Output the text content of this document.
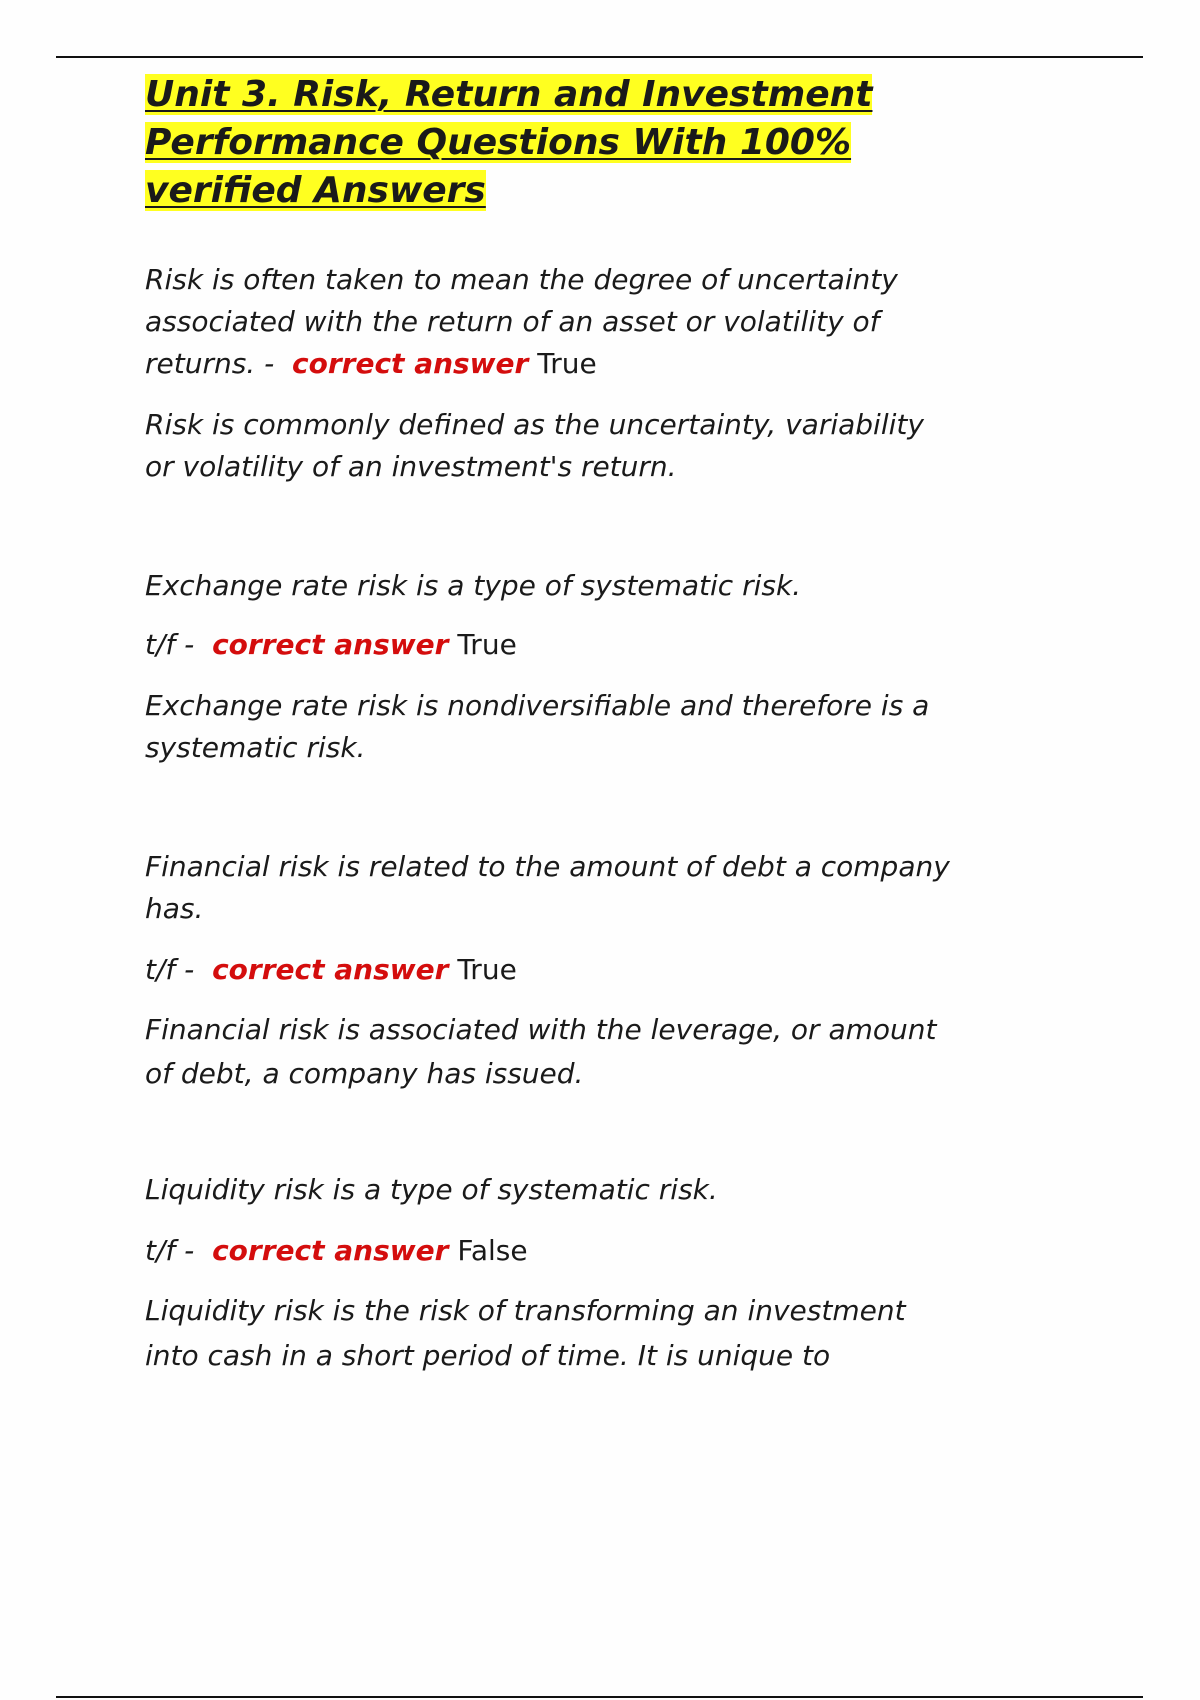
Unit 3. Risk, Return and Investment
Performance Questions With 100%
verified Answers
Risk is often taken to mean the degree of uncertainty
associated with the return of an asset or volatility of
returns. -  correct answer True
Risk is commonly defined as the uncertainty, variability
or volatility of an investment's return.
Exchange rate risk is a type of systematic risk.
t/f -  correct answer True
Exchange rate risk is nondiversifiable and therefore is a
systematic risk.
Financial risk is related to the amount of debt a company
has.
t/f -  correct answer True
Financial risk is associated with the leverage, or amount
of debt, a company has issued.
Liquidity risk is a type of systematic risk.
t/f -  correct answer False
Liquidity risk is the risk of transforming an investment
into cash in a short period of time. It is unique to
